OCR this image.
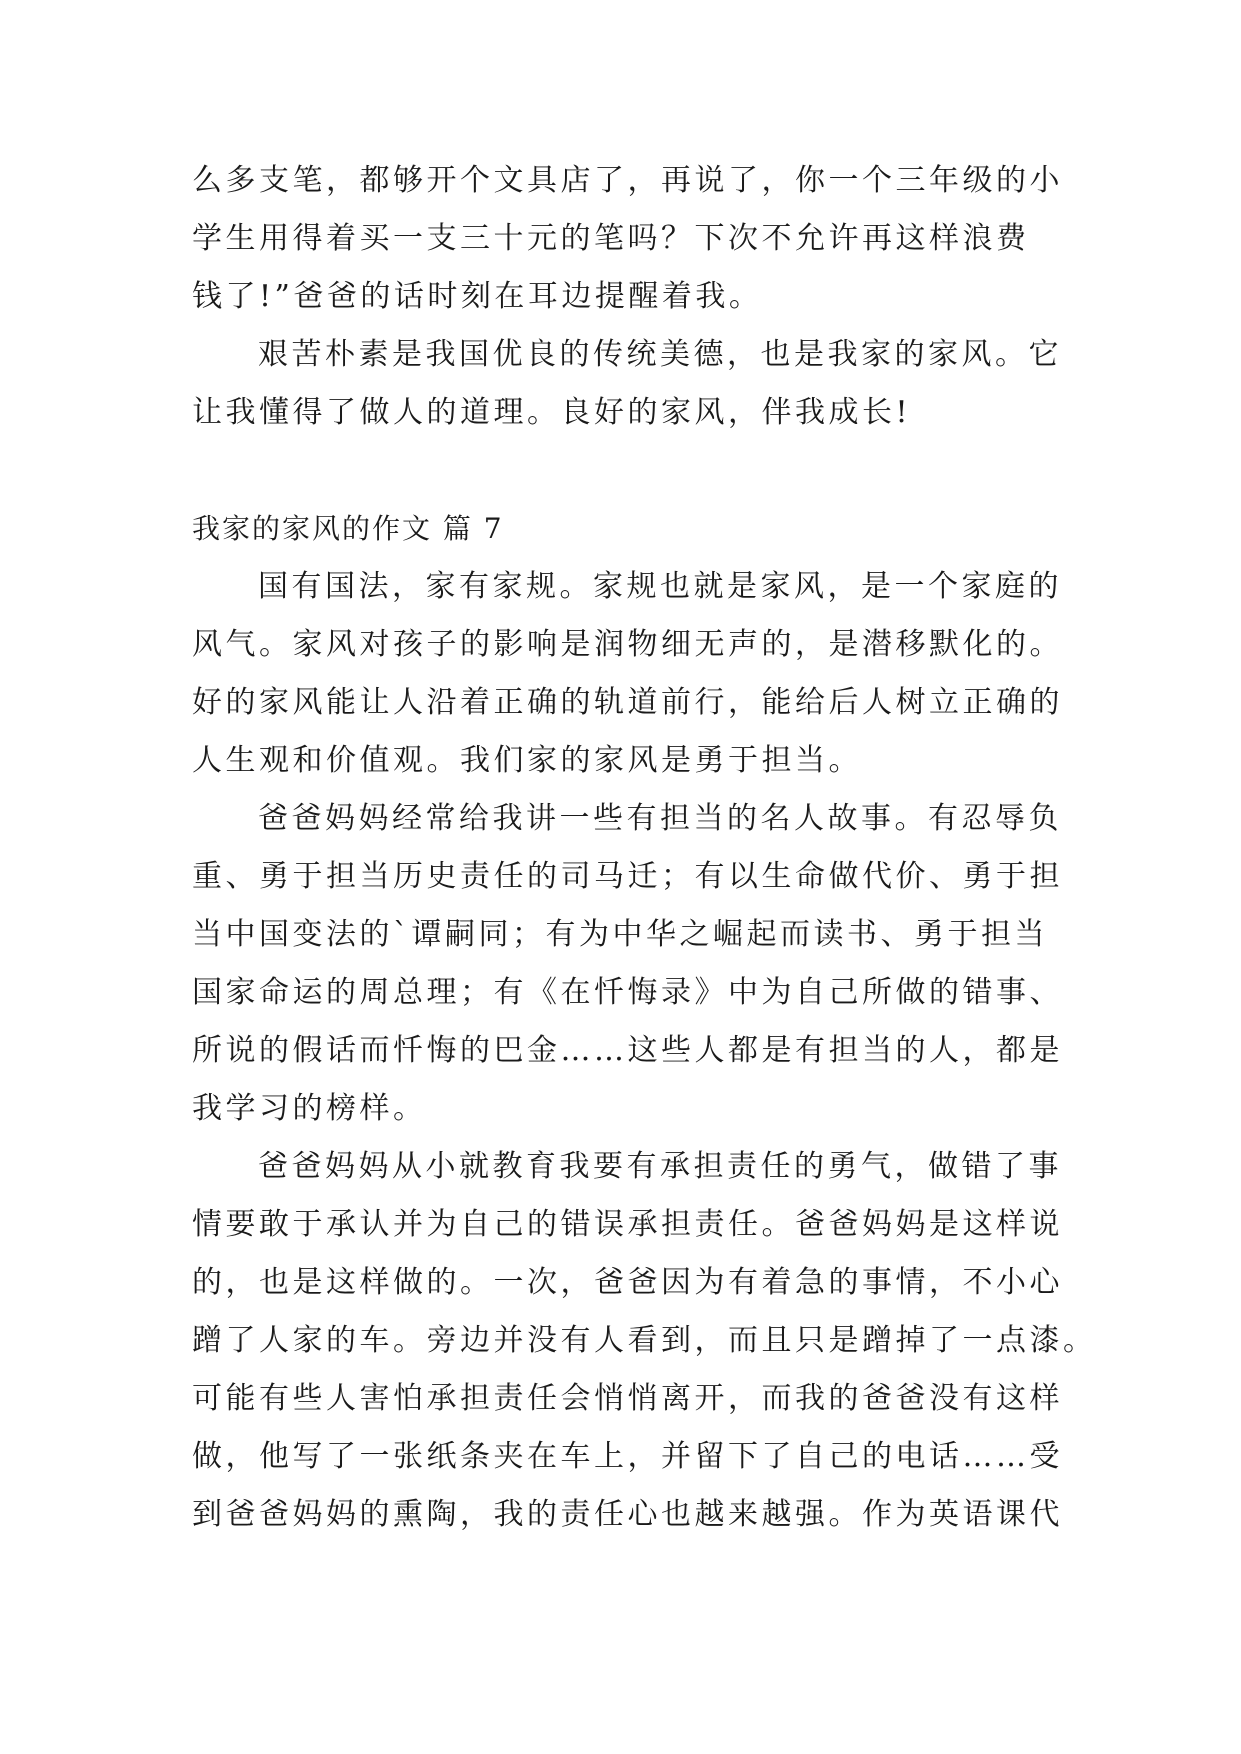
么多支笔，都够开个文具店了，再说了，你一个三年级的小
学生用得着买一支三十元的笔吗？下次不允许再这样浪费
钱了!”爸爸的话时刻在耳边提醒着我。
艰苦朴素是我国优良的传统美德，也是我家的家风。它
让我懂得了做人的道理。良好的家风，伴我成长!
我家的家风的作文 篇 7
国有国法，家有家规。家规也就是家风，是一个家庭的
风气。家风对孩子的影响是润物细无声的，是潜移默化的。
好的家风能让人沿着正确的轨道前行，能给后人树立正确的
人生观和价值观。我们家的家风是勇于担当。
爸爸妈妈经常给我讲一些有担当的名人故事。有忍辱负
重、勇于担当历史责任的司马迁；有以生命做代价、勇于担
当中国变法的`谭嗣同；有为中华之崛起而读书、勇于担当
国家命运的周总理；有《在忏悔录》中为自己所做的错事、
所说的假话而忏悔的巴金……这些人都是有担当的人，都是
我学习的榜样。
爸爸妈妈从小就教育我要有承担责任的勇气，做错了事
情要敢于承认并为自己的错误承担责任。爸爸妈妈是这样说
的，也是这样做的。一次，爸爸因为有着急的事情，不小心
蹭了人家的车。旁边并没有人看到，而且只是蹭掉了一点漆。
可能有些人害怕承担责任会悄悄离开，而我的爸爸没有这样
做，他写了一张纸条夹在车上，并留下了自己的电话……受
到爸爸妈妈的熏陶，我的责任心也越来越强。作为英语课代
